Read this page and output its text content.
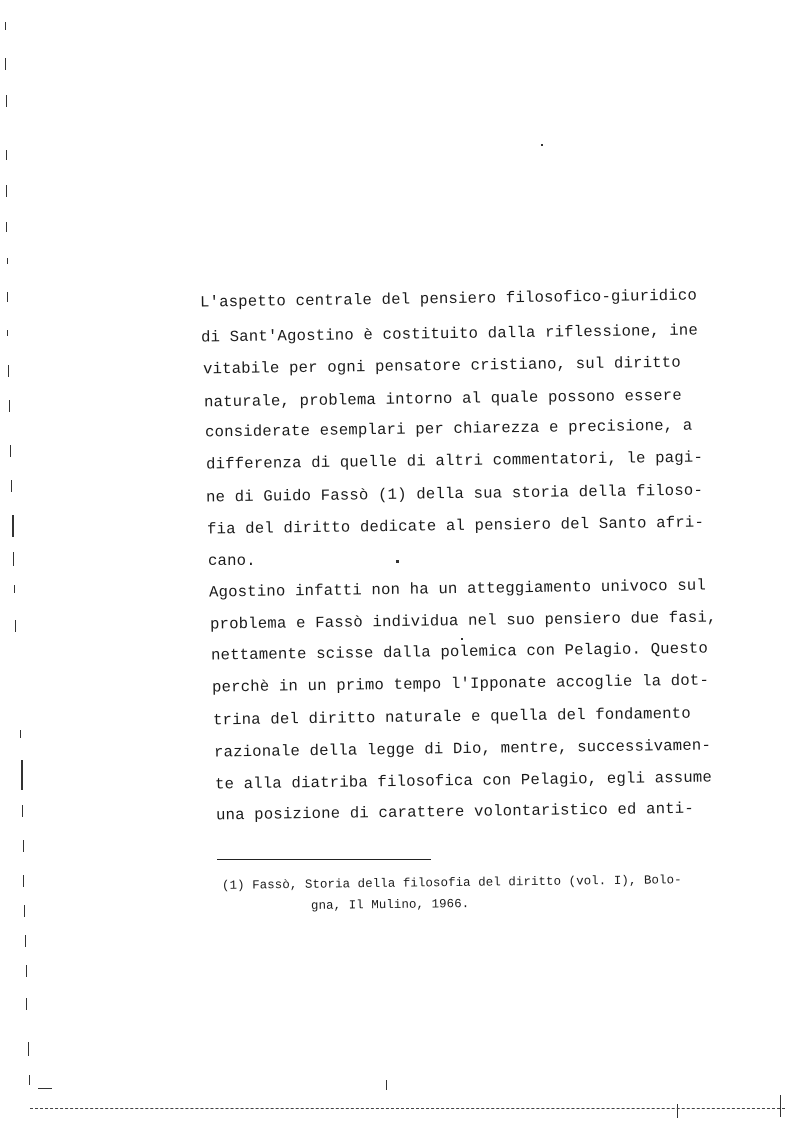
L'aspetto centrale del pensiero filosofico-giuridico
di Sant'Agostino è costituito dalla riflessione, ine
vitabile per ogni pensatore cristiano, sul diritto
naturale, problema intorno al quale possono essere
considerate esemplari per chiarezza e precisione, a
differenza di quelle di altri commentatori, le pagi-
ne di Guido Fassò (1) della sua storia della filoso-
fia del diritto dedicate al pensiero del Santo afri-
cano.
Agostino infatti non ha un atteggiamento univoco sul
problema e Fassò individua nel suo pensiero due fasi,
nettamente scisse dalla polemica con Pelagio. Questo
perchè in un primo tempo l'Ipponate accoglie la dot-
trina del diritto naturale e quella del fondamento
razionale della legge di Dio, mentre, successivamen-
te alla diatriba filosofica con Pelagio, egli assume
una posizione di carattere volontaristico ed anti-
(1) Fassò, Storia della filosofia del diritto (vol. I), Bolo-
gna, Il Mulino, 1966.
